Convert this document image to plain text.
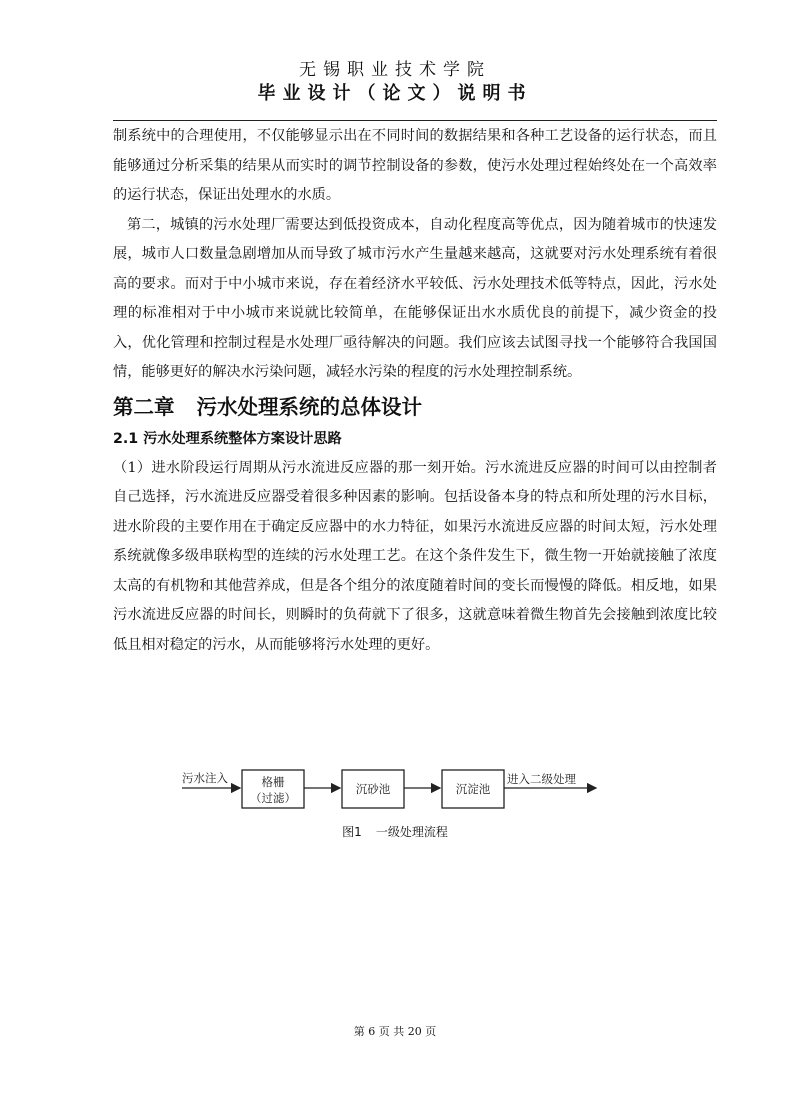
无锡职业技术学院
毕业设计（论文）说明书

制系统中的合理使用，不仅能够显示出在不同时间的数据结果和各种工艺设备的运行状态，而且能够通过分析采集的结果从而实时的调节控制设备的参数，使污水处理过程始终处在一个高效率的运行状态，保证出处理水的水质。

第二，城镇的污水处理厂需要达到低投资成本，自动化程度高等优点，因为随着城市的快速发展，城市人口数量急剧增加从而导致了城市污水产生量越来越高，这就要对污水处理系统有着很高的要求。而对于中小城市来说，存在着经济水平较低、污水处理技术低等特点，因此，污水处理的标准相对于中小城市来说就比较简单，在能够保证出水水质优良的前提下，减少资金的投入，优化管理和控制过程是水处理厂亟待解决的问题。我们应该去试图寻找一个能够符合我国国情，能够更好的解决水污染问题，减轻水污染的程度的污水处理控制系统。

第二章 污水处理系统的总体设计

2.1 污水处理系统整体方案设计思路

（1）进水阶段运行周期从污水流进反应器的那一刻开始。污水流进反应器的时间可以由控制者自己选择，污水流进反应器受着很多种因素的影响。包括设备本身的特点和所处理的污水目标，进水阶段的主要作用在于确定反应器中的水力特征，如果污水流进反应器的时间太短，污水处理系统就像多级串联构型的连续的污水处理工艺。在这个条件发生下，微生物一开始就接触了浓度太高的有机物和其他营养成，但是各个组分的浓度随着时间的变长而慢慢的降低。相反地，如果污水流进反应器的时间长，则瞬时的负荷就下了很多，这就意味着微生物首先会接触到浓度比较低且相对稳定的污水，从而能够将污水处理的更好。

污水注入	格栅
（过滤）
沉砂池	沉淀池
进入二级处理
图1 一级处理流程
第 6 页 共 20 页
